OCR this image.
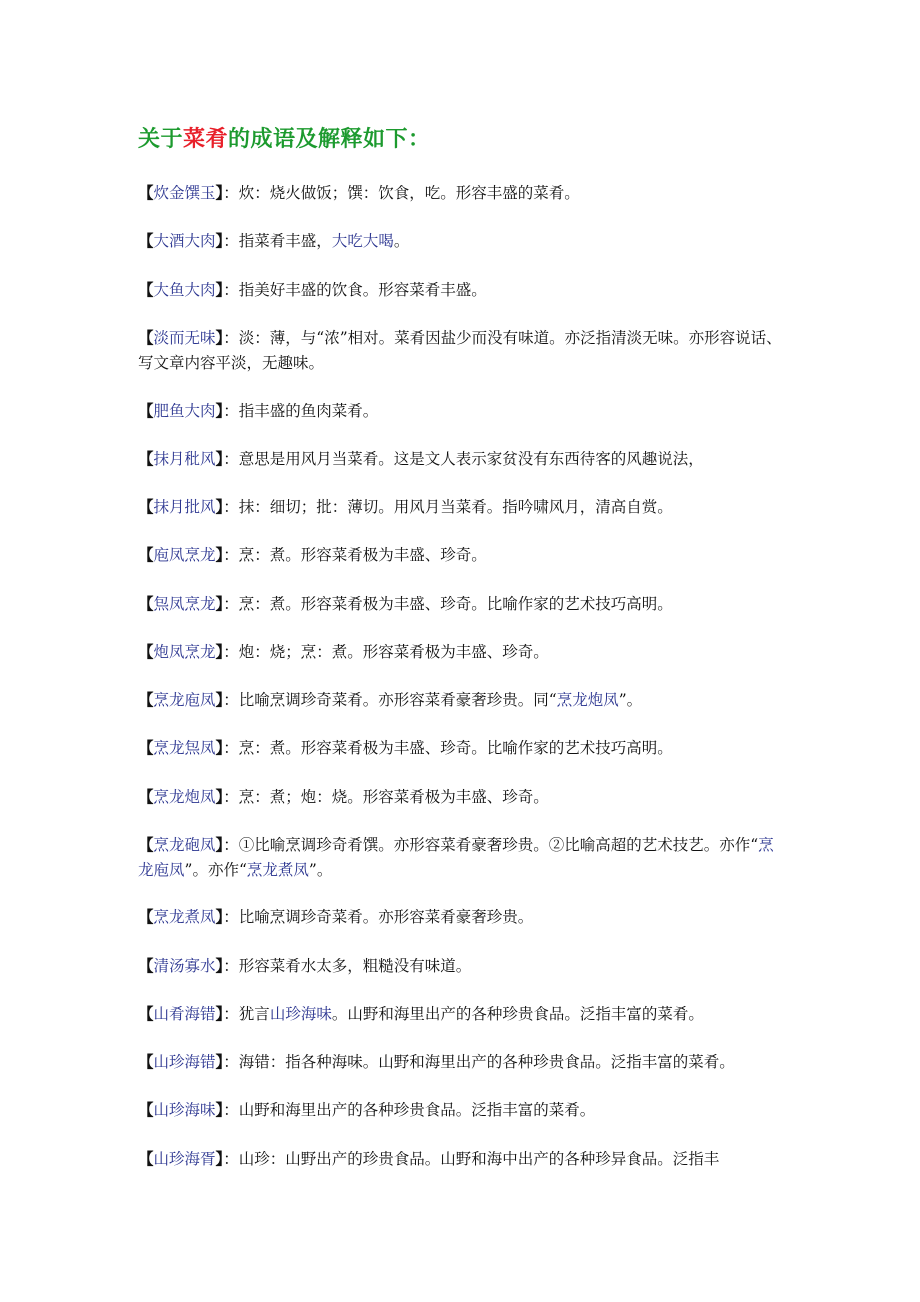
关于菜肴的成语及解释如下：

【炊金馔玉】：炊：烧火做饭；馔：饮食，吃。形容丰盛的菜肴。

【大酒大肉】：指菜肴丰盛，大吃大喝。

【大鱼大肉】：指美好丰盛的饮食。形容菜肴丰盛。

【淡而无味】：淡：薄，与“浓”相对。菜肴因盐少而没有味道。亦泛指清淡无味。亦形容说话、写文章内容平淡，无趣味。

【肥鱼大肉】：指丰盛的鱼肉菜肴。

【抹月秕风】：意思是用风月当菜肴。这是文人表示家贫没有东西待客的风趣说法，

【抹月批风】：抹：细切；批：薄切。用风月当菜肴。指吟啸风月，清高自赏。

【庖凤烹龙】：烹：煮。形容菜肴极为丰盛、珍奇。

【炰凤烹龙】：烹：煮。形容菜肴极为丰盛、珍奇。比喻作家的艺术技巧高明。

【炮凤烹龙】：炮：烧；烹：煮。形容菜肴极为丰盛、珍奇。

【烹龙庖凤】：比喻烹调珍奇菜肴。亦形容菜肴豪奢珍贵。同“烹龙炮凤”。

【烹龙炰凤】：烹：煮。形容菜肴极为丰盛、珍奇。比喻作家的艺术技巧高明。

【烹龙炮凤】：烹：煮；炮：烧。形容菜肴极为丰盛、珍奇。

【烹龙砲凤】：①比喻烹调珍奇肴馔。亦形容菜肴豪奢珍贵。②比喻高超的艺术技艺。亦作“烹龙庖凤”。亦作“烹龙煮凤”。

【烹龙煮凤】：比喻烹调珍奇菜肴。亦形容菜肴豪奢珍贵。

【清汤寡水】：形容菜肴水太多，粗糙没有味道。

【山肴海错】：犹言山珍海味。山野和海里出产的各种珍贵食品。泛指丰富的菜肴。

【山珍海错】：海错：指各种海味。山野和海里出产的各种珍贵食品。泛指丰富的菜肴。

【山珍海味】：山野和海里出产的各种珍贵食品。泛指丰富的菜肴。

【山珍海胥】：山珍：山野出产的珍贵食品。山野和海中出产的各种珍异食品。泛指丰
